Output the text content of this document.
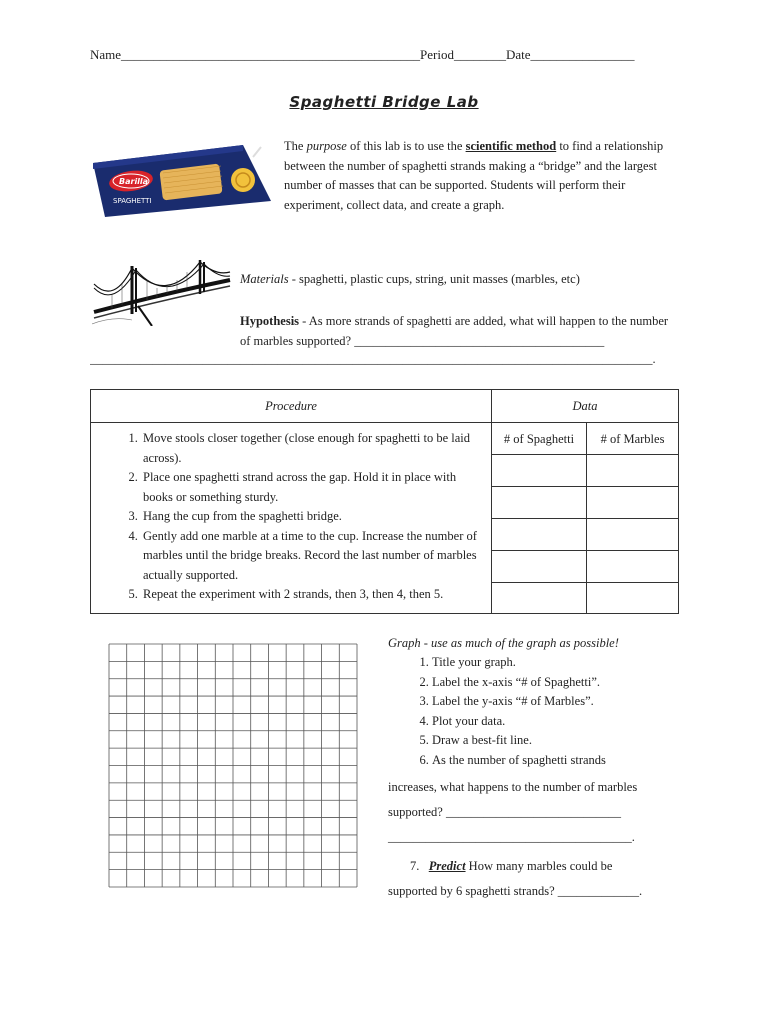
Name______________________________________________Period________Date________________
Spaghetti Bridge Lab
Barilla
SPAGHETTI
The purpose of this lab is to use the scientific method to find a relationship between the number of spaghetti strands making a “bridge” and the largest number of masses that can be supported. Students will perform their experiment, collect data, and create a graph.
Materials - spaghetti, plastic cups, string, unit masses (marbles, etc)
Hypothesis - As more strands of spaghetti are added, what will happen to the number of marbles supported? ________________________________________
__________________________________________________________________________________________.
Procedure	Data
1. Move stools closer together (close enough for spaghetti to be laid across).
2. Place one spaghetti strand across the gap. Hold it in place with books or something sturdy.
3. Hang the cup from the spaghetti bridge.
4. Gently add one marble at a time to the cup. Increase the number of marbles until the bridge breaks. Record the last number of marbles actually supported.
5. Repeat the experiment with 2 strands, then 3, then 4, then 5.
# of Spaghetti	# of Marbles
Graph - use as much of the graph as possible!
1. Title your graph.
2. Label the x-axis “# of Spaghetti”.
3. Label the y-axis “# of Marbles”.
4. Plot your data.
5. Draw a best-fit line.
6. As the number of spaghetti strands
increases, what happens to the number of marbles
supported? ____________________________
_______________________________________.
7. Predict How many marbles could be
supported by 6 spaghetti strands? _____________.
